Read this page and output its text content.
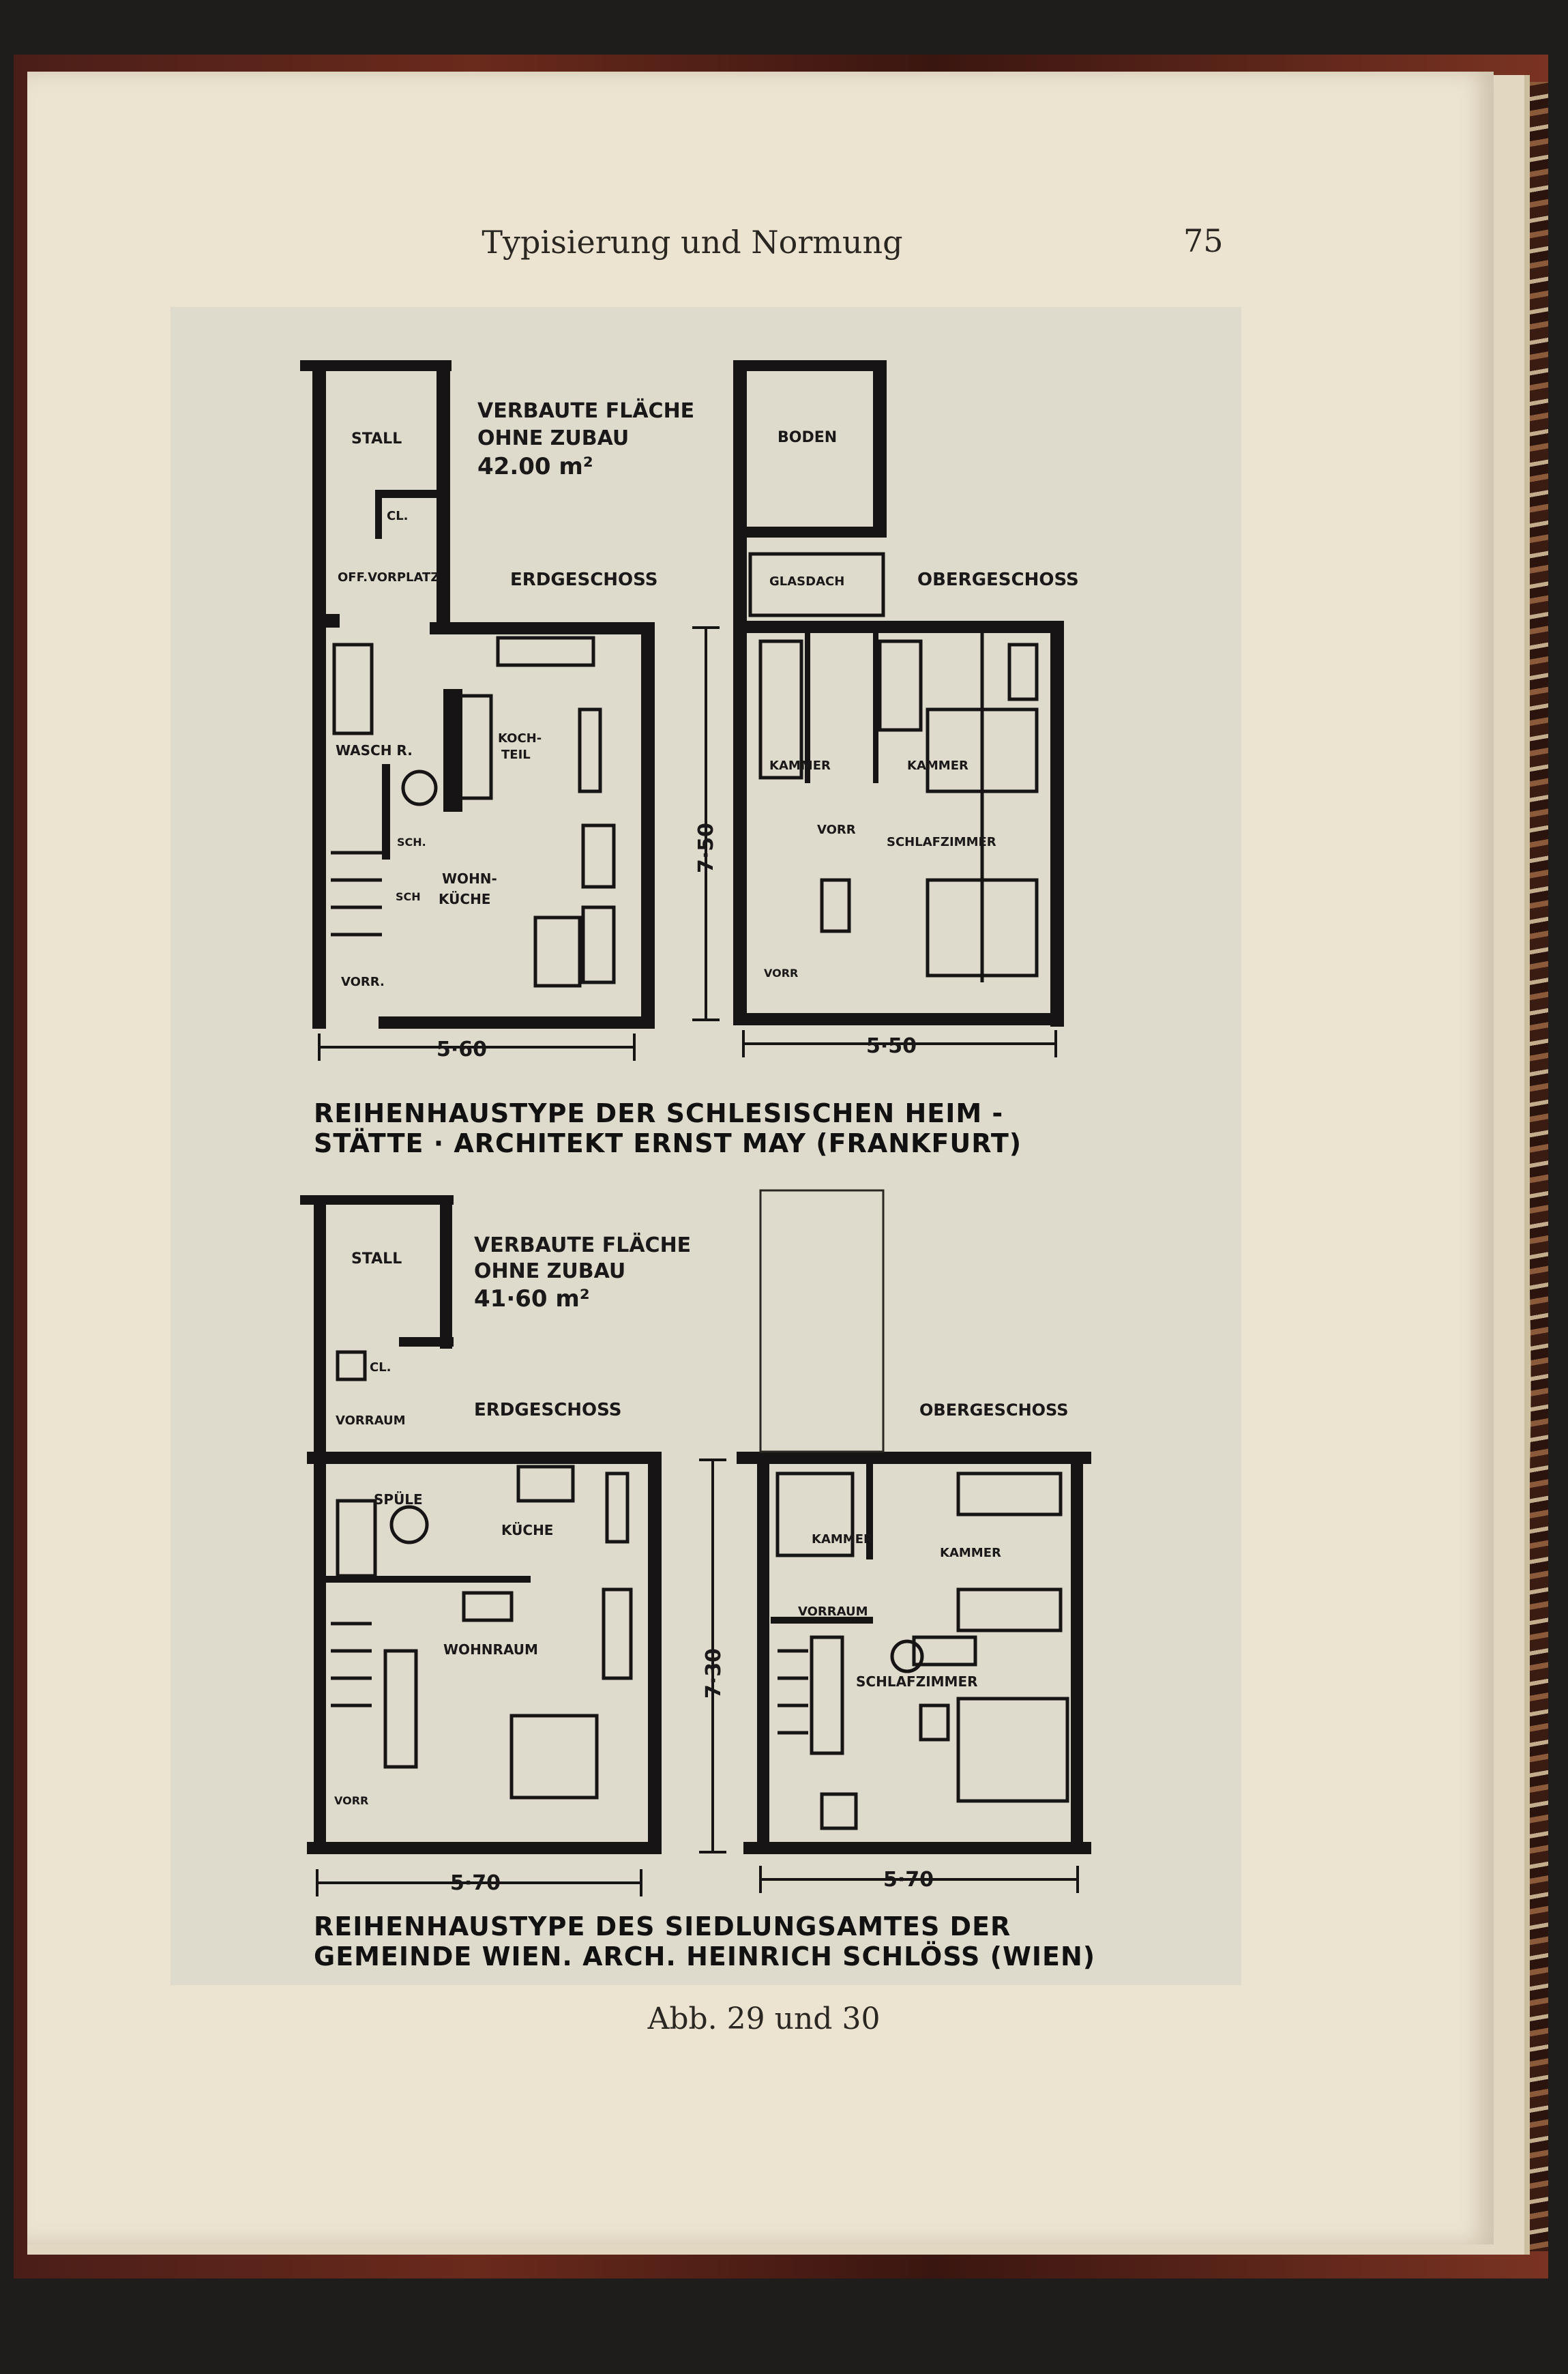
Typisierung und Normung	75
STALL
CL.
OFF.VORPLATZ
WASCH R.
KOCH-
TEIL
SCH.
SCH
WOHN-
KÜCHE
VORR.
VERBAUTE FLÄCHE
OHNE ZUBAU
42.00 m²
ERDGESCHOSS
5·60
BODEN
GLASDACH
KAMMER	KAMMER
VORR
SCHLAFZIMMER
VORR
OBERGESCHOSS
5·50
7·50
STALL
CL.
VORRAUM
SPÜLE
KÜCHE
WOHNRAUM
VORR
VERBAUTE FLÄCHE
OHNE ZUBAU
41·60 m²
ERDGESCHOSS
5·70
KAMMER
KAMMER
VORRAUM
SCHLAFZIMMER
OBERGESCHOSS
5·70
7·30
REIHENHAUSTYPE DER SCHLESISCHEN HEIM -
STÄTTE · ARCHITEKT ERNST MAY (FRANKFURT)
REIHENHAUSTYPE DES SIEDLUNGSAMTES DER
GEMEINDE WIEN. ARCH. HEINRICH SCHLÖSS (WIEN)
Abb. 29 und 30
